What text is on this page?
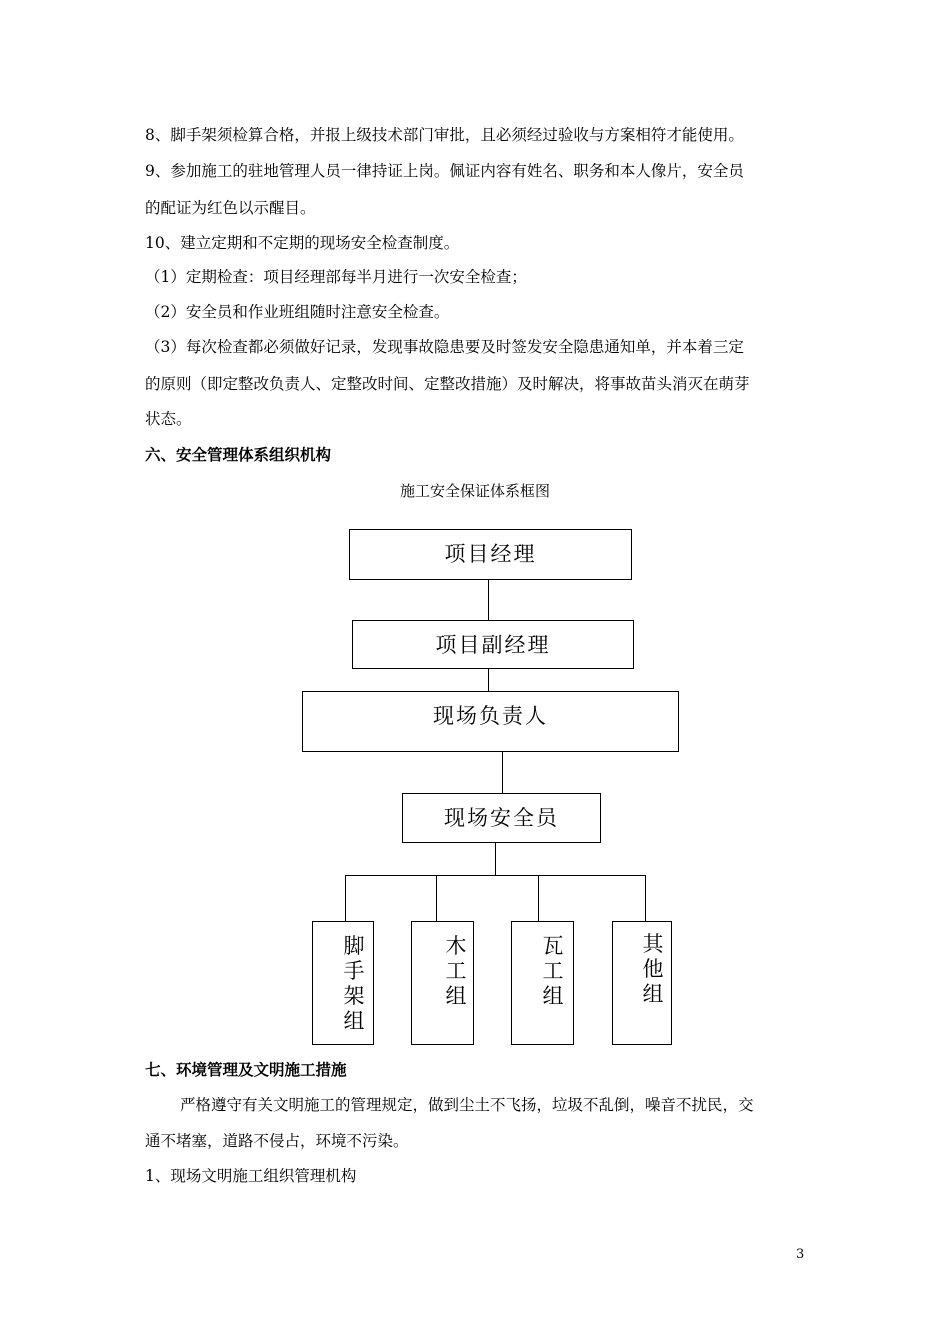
8、脚手架须检算合格，并报上级技术部门审批，且必须经过验收与方案相符才能使用。
9、参加施工的驻地管理人员一律持证上岗。佩证内容有姓名、职务和本人像片，安全员
的配证为红色以示醒目。
10、建立定期和不定期的现场安全检查制度。
（1）定期检查：项目经理部每半月进行一次安全检查；
（2）安全员和作业班组随时注意安全检查。
（3）每次检查都必须做好记录，发现事故隐患要及时签发安全隐患通知单，并本着三定
的原则（即定整改负责人、定整改时间、定整改措施）及时解决，将事故苗头消灭在萌芽
状态。
六、安全管理体系组织机构
施工安全保证体系框图
项目经理
项目副经理
现场负责人
现场安全员
脚手架组
木工组
瓦工组
其他组
七、环境管理及文明施工措施
严格遵守有关文明施工的管理规定，做到尘土不飞扬，垃圾不乱倒，噪音不扰民，交
通不堵塞，道路不侵占，环境不污染。
1、现场文明施工组织管理机构
3
